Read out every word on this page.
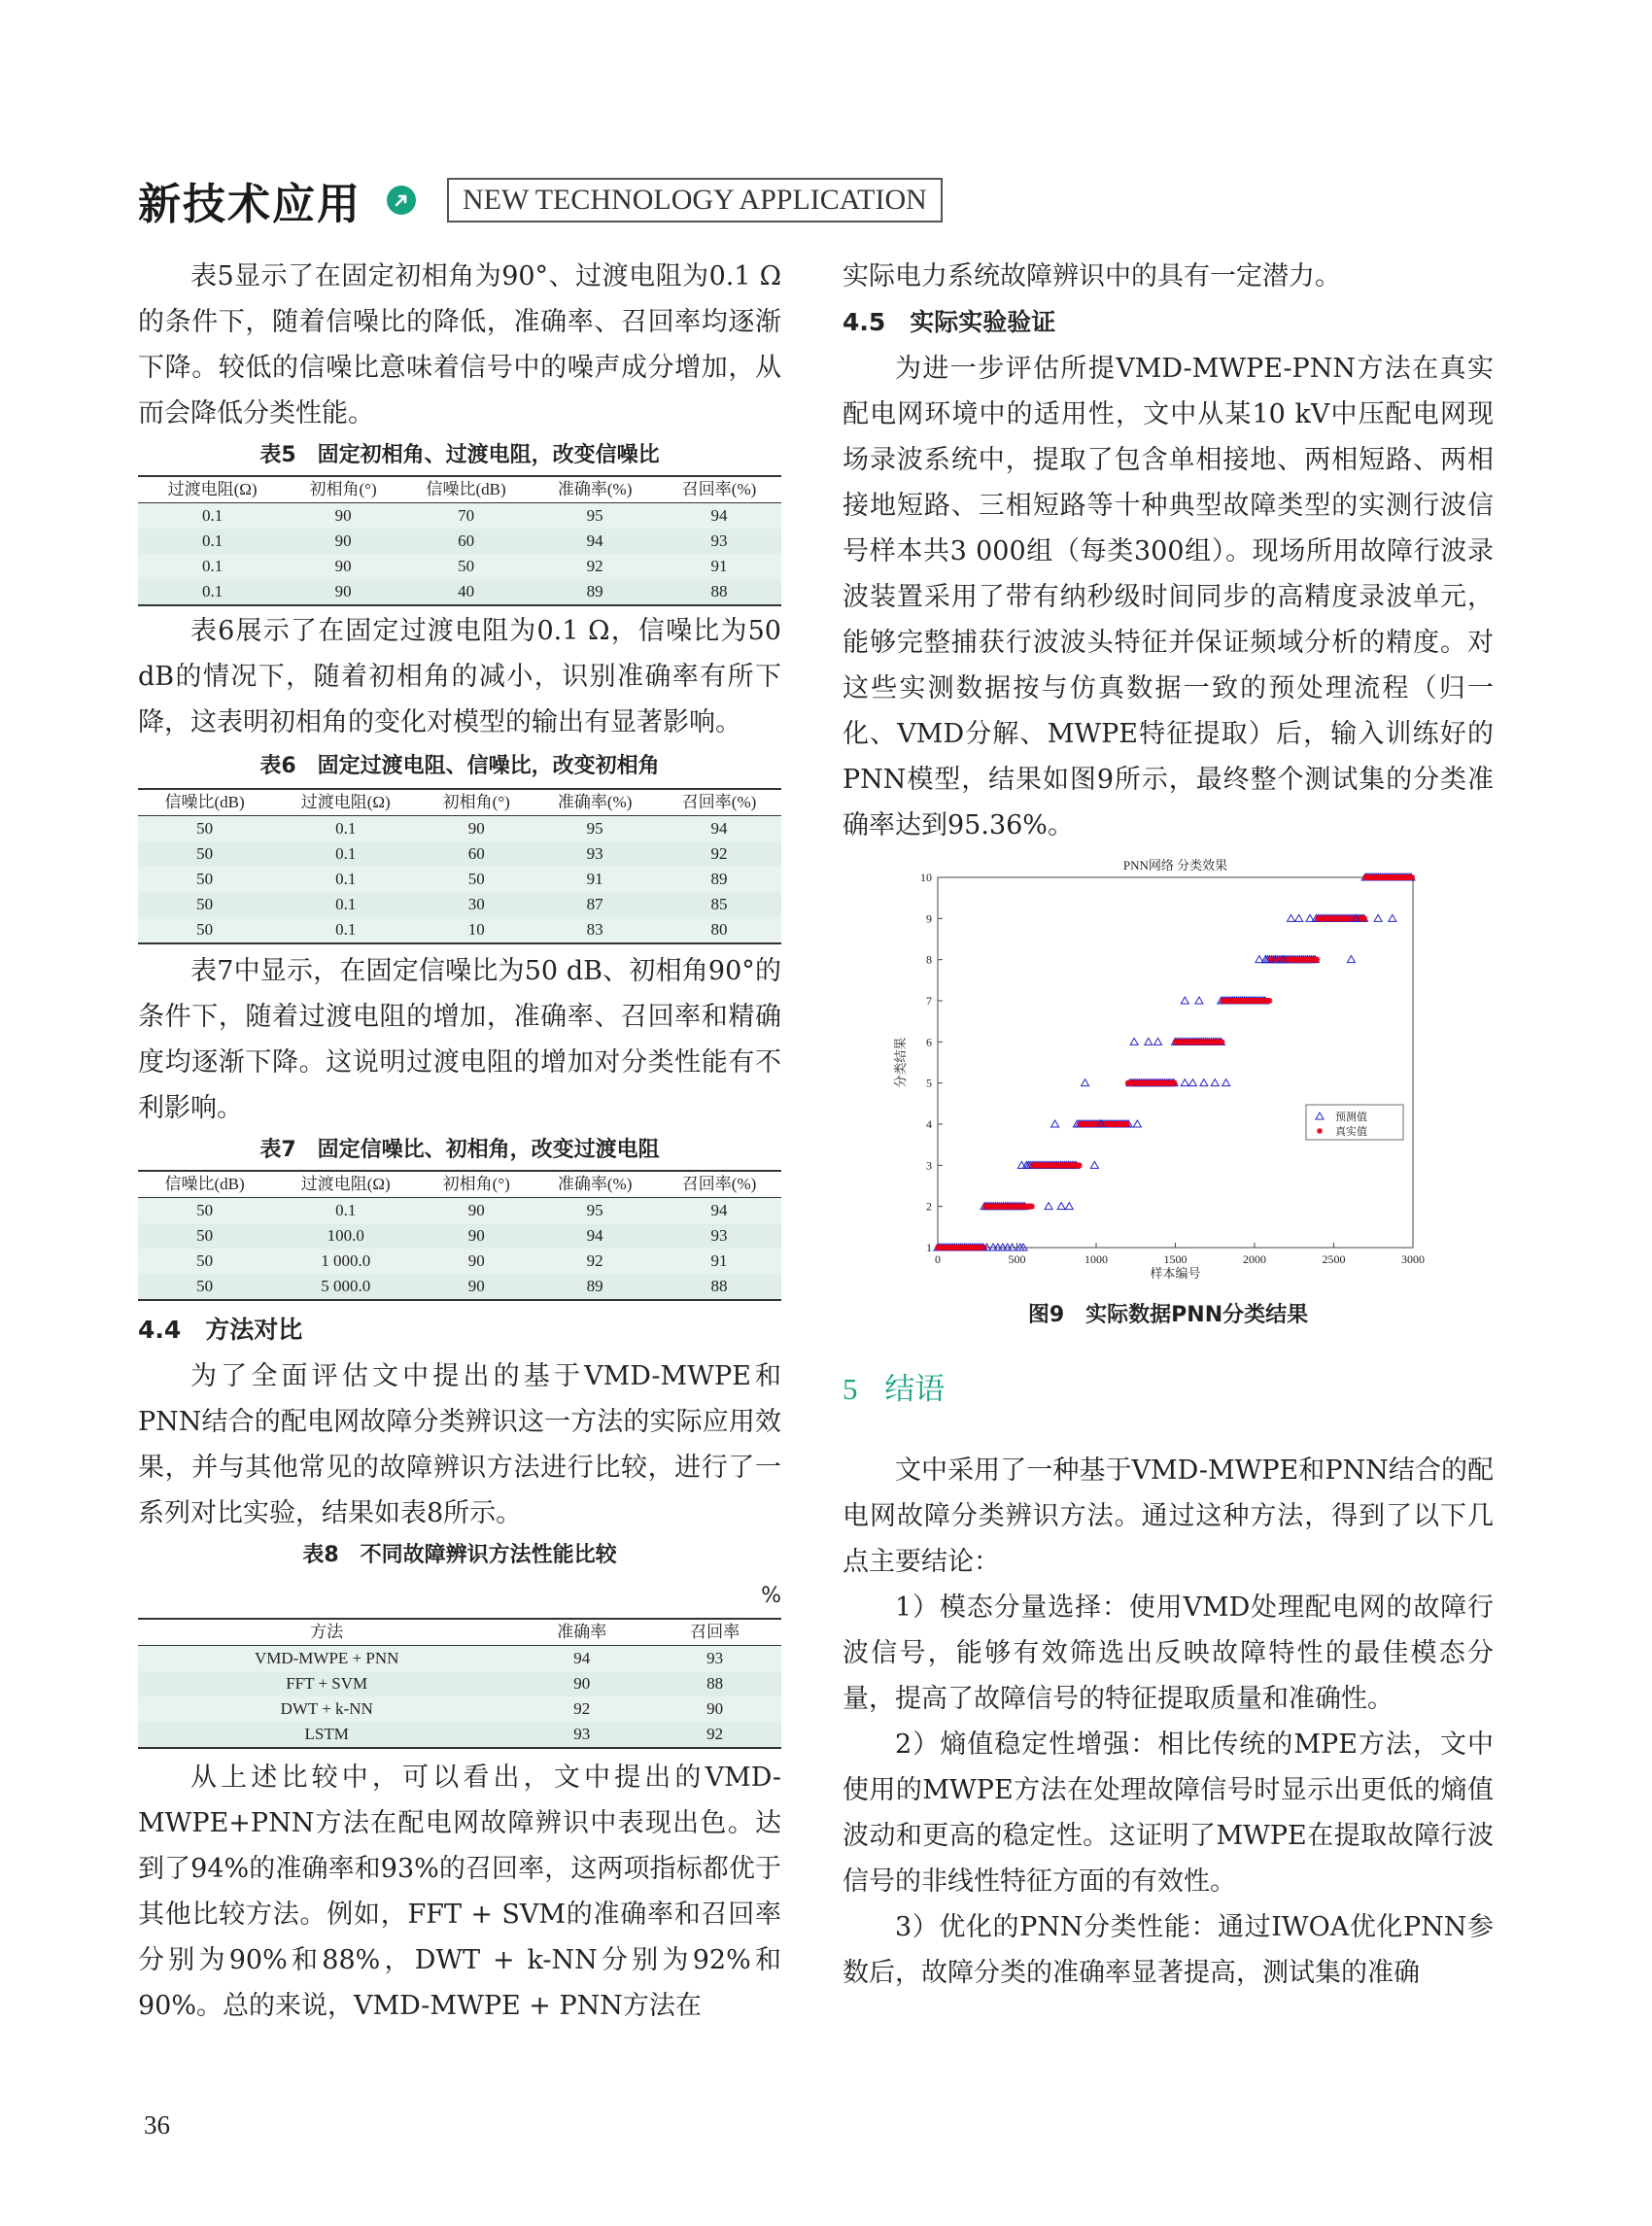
新技术应用	NEW TECHNOLOGY APPLICATION

表5显示了在固定初相角为90°、过渡电阻为0.1 Ω的条件下，随着信噪比的降低，准确率、召回率均逐渐下降。较低的信噪比意味着信号中的噪声成分增加，从而会降低分类性能。

表5　固定初相角、过渡电阻，改变信噪比
过渡电阻(Ω)	初相角(°)	信噪比(dB)	准确率(%)	召回率(%)
0.1	90	70	95	94
0.1	90	60	94	93
0.1	90	50	92	91
0.1	90	40	89	88

表6展示了在固定过渡电阻为0.1 Ω，信噪比为50 dB的情况下，随着初相角的减小，识别准确率有所下降，这表明初相角的变化对模型的输出有显著影响。

表6　固定过渡电阻、信噪比，改变初相角
信噪比(dB)	过渡电阻(Ω)	初相角(°)	准确率(%)	召回率(%)
50	0.1	90	95	94
50	0.1	60	93	92
50	0.1	50	91	89
50	0.1	30	87	85
50	0.1	10	83	80

表7中显示，在固定信噪比为50 dB、初相角90°的条件下，随着过渡电阻的增加，准确率、召回率和精确度均逐渐下降。这说明过渡电阻的增加对分类性能有不利影响。

表7　固定信噪比、初相角，改变过渡电阻
信噪比(dB)	过渡电阻(Ω)	初相角(°)	准确率(%)	召回率(%)
50	0.1	90	95	94
50	100.0	90	94	93
50	1 000.0	90	92	91
50	5 000.0	90	89	88
4.4　方法对比

为了全面评估文中提出的基于VMD-MWPE和PNN结合的配电网故障分类辨识这一方法的实际应用效果，并与其他常见的故障辨识方法进行比较，进行了一系列对比实验，结果如表8所示。

表8　不同故障辨识方法性能比较
%
方法	准确率	召回率
VMD-MWPE + PNN	94	93
FFT + SVM	90	88
DWT + k-NN	92	90
LSTM	93	92

从上述比较中，可以看出，文中提出的VMD-MWPE+PNN方法在配电网故障辨识中表现出色。达到了94%的准确率和93%的召回率，这两项指标都优于其他比较方法。例如，FFT + SVM的准确率和召回率分别为90%和88%，DWT + k-NN分别为92%和90%。总的来说，VMD-MWPE + PNN方法在

实际电力系统故障辨识中的具有一定潜力。

4.5　实际实验验证

为进一步评估所提VMD-MWPE-PNN方法在真实配电网环境中的适用性，文中从某10 kV中压配电网现场录波系统中，提取了包含单相接地、两相短路、两相接地短路、三相短路等十种典型故障类型的实测行波信号样本共3 000组（每类300组）。现场所用故障行波录波装置采用了带有纳秒级时间同步的高精度录波单元，能够完整捕获行波波头特征并保证频域分析的精度。对这些实测数据按与仿真数据一致的预处理流程（归一化、VMD分解、MWPE特征提取）后，输入训练好的PNN模型，结果如图9所示，最终整个测试集的分类准确率达到95.36%。

0	500	1000	1500	2000	2500	3000
1
2
3
4
5
6
7
8
9
10
PNN网络 分类效果
样本编号
分类结果
预测值
真实值
图9　实际数据PNN分类结果
5 结语

文中采用了一种基于VMD-MWPE和PNN结合的配电网故障分类辨识方法。通过这种方法，得到了以下几点主要结论：

1）模态分量选择：使用VMD处理配电网的故障行波信号，能够有效筛选出反映故障特性的最佳模态分量，提高了故障信号的特征提取质量和准确性。

2）熵值稳定性增强：相比传统的MPE方法，文中使用的MWPE方法在处理故障信号时显示出更低的熵值波动和更高的稳定性。这证明了MWPE在提取故障行波信号的非线性特征方面的有效性。

3）优化的PNN分类性能：通过IWOA优化PNN参数后，故障分类的准确率显著提高，测试集的准确

36
